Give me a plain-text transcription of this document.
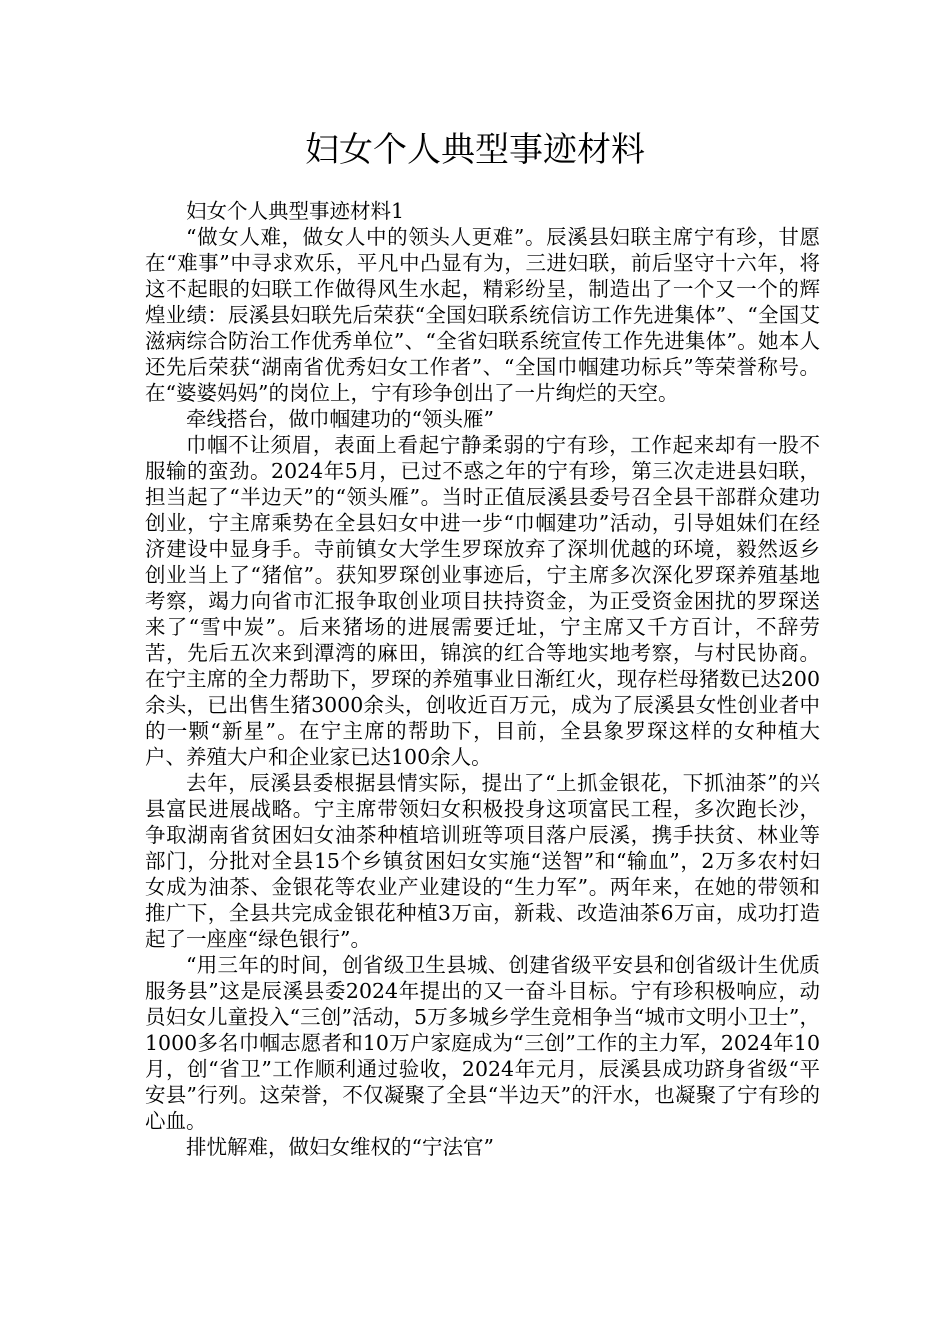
妇女个人典型事迹材料

妇女个人典型事迹材料1

“做女人难，做女人中的领头人更难”。辰溪县妇联主席宁有珍，甘愿在“难事”中寻求欢乐，平凡中凸显有为，三进妇联，前后坚守十六年，将这不起眼的妇联工作做得风生水起，精彩纷呈，制造出了一个又一个的辉煌业绩：辰溪县妇联先后荣获“全国妇联系统信访工作先进集体”、“全国艾滋病综合防治工作优秀单位”、“全省妇联系统宣传工作先进集体”。她本人还先后荣获“湖南省优秀妇女工作者”、“全国巾帼建功标兵”等荣誉称号。在“婆婆妈妈”的岗位上，宁有珍争创出了一片绚烂的天空。

牵线搭台，做巾帼建功的“领头雁”

巾帼不让须眉，表面上看起宁静柔弱的宁有珍，工作起来却有一股不服输的蛮劲。2024年5月，已过不惑之年的宁有珍，第三次走进县妇联，担当起了“半边天”的“领头雁”。当时正值辰溪县委号召全县干部群众建功创业，宁主席乘势在全县妇女中进一步“巾帼建功”活动，引导姐妹们在经济建设中显身手。寺前镇女大学生罗琛放弃了深圳优越的环境，毅然返乡创业当上了“猪倌”。获知罗琛创业事迹后，宁主席多次深化罗琛养殖基地考察，竭力向省市汇报争取创业项目扶持资金，为正受资金困扰的罗琛送来了“雪中炭”。后来猪场的进展需要迁址，宁主席又千方百计，不辞劳苦，先后五次来到潭湾的麻田，锦滨的红合等地实地考察，与村民协商。在宁主席的全力帮助下，罗琛的养殖事业日渐红火，现存栏母猪数已达200余头，已出售生猪3000余头，创收近百万元，成为了辰溪县女性创业者中的一颗“新星”。在宁主席的帮助下，目前，全县象罗琛这样的女种植大户、养殖大户和企业家已达100余人。

去年，辰溪县委根据县情实际，提出了“上抓金银花，下抓油茶”的兴县富民进展战略。宁主席带领妇女积极投身这项富民工程，多次跑长沙，争取湖南省贫困妇女油茶种植培训班等项目落户辰溪，携手扶贫、林业等部门，分批对全县15个乡镇贫困妇女实施“送智”和“输血”，2万多农村妇女成为油茶、金银花等农业产业建设的“生力军”。两年来，在她的带领和推广下，全县共完成金银花种植3万亩，新栽、改造油茶6万亩，成功打造起了一座座“绿色银行”。

“用三年的时间，创省级卫生县城、创建省级平安县和创省级计生优质服务县”这是辰溪县委2024年提出的又一奋斗目标。宁有珍积极响应，动员妇女儿童投入“三创”活动，5万多城乡学生竞相争当“城市文明小卫士”，1000多名巾帼志愿者和10万户家庭成为“三创”工作的主力军，2024年10月，创“省卫”工作顺利通过验收，2024年元月，辰溪县成功跻身省级“平安县”行列。这荣誉，不仅凝聚了全县“半边天”的汗水，也凝聚了宁有珍的心血。

排忧解难，做妇女维权的“宁法官”
